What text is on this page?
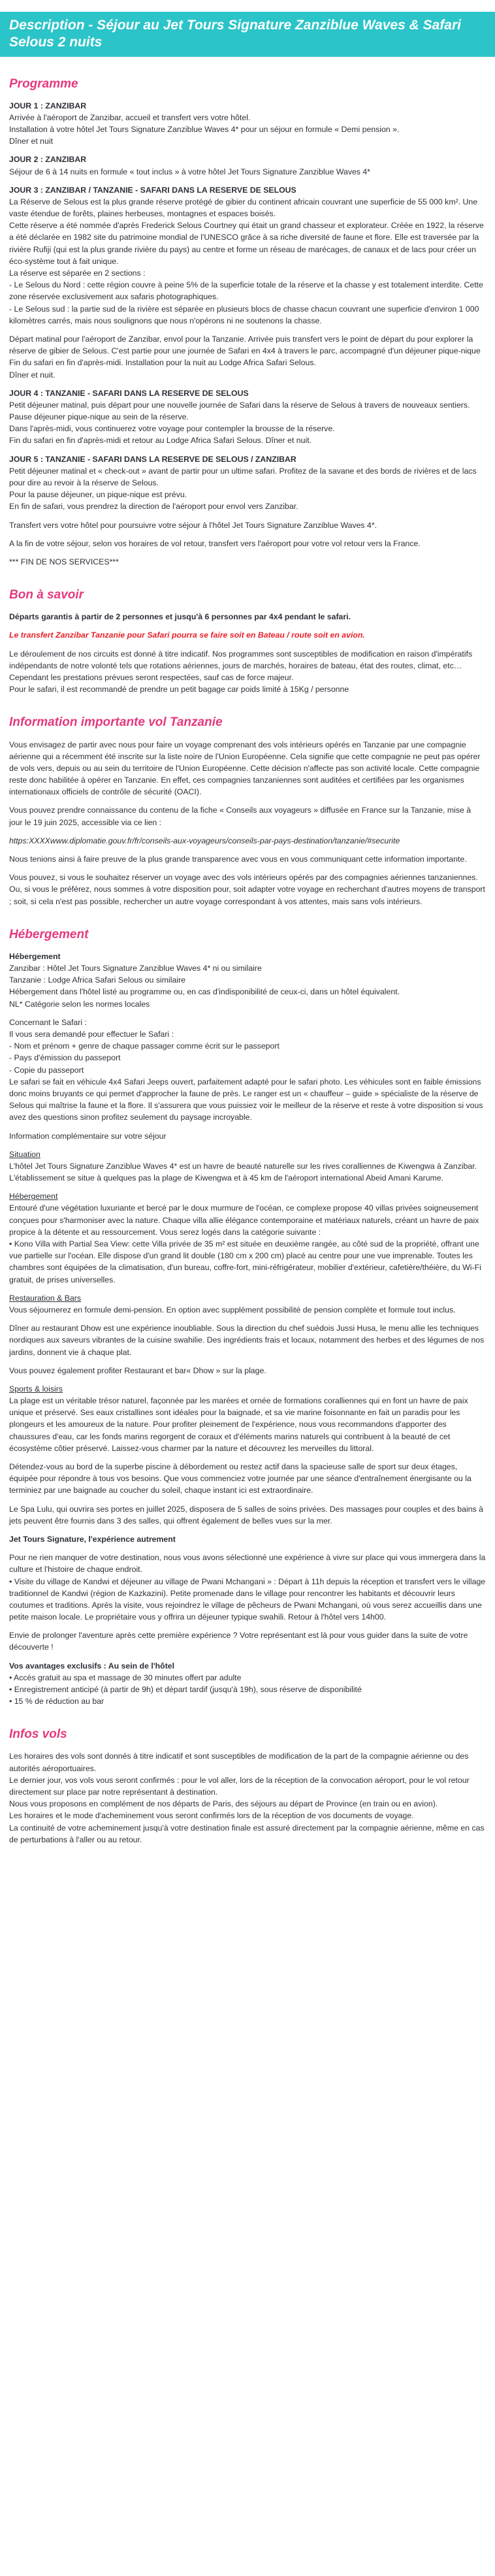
Description - Séjour au Jet Tours Signature Zanziblue Waves & Safari Selous 2 nuits
Programme
JOUR 1 : ZANZIBAR
Arrivée à l'aéroport de Zanzibar, accueil et transfert vers votre hôtel.
Installation à votre hôtel Jet Tours Signature Zanziblue Waves 4* pour un séjour en formule « Demi pension ».
Dîner et nuit
JOUR 2 : ZANZIBAR
Séjour de 6 à 14 nuits en formule « tout inclus » à votre hôtel Jet Tours Signature Zanziblue Waves 4*
JOUR 3 : ZANZIBAR / TANZANIE - SAFARI DANS LA RESERVE DE SELOUS
La Réserve de Selous est la plus grande réserve protégé de gibier du continent africain couvrant une superficie de 55 000 km². Une vaste étendue de forêts, plaines herbeuses, montagnes et espaces boisés.
Cette réserve a été nommée d'après Frederick Selous Courtney qui était un grand chasseur et explorateur. Créée en 1922, la réserve a été déclarée en 1982 site du patrimoine mondial de l'UNESCO grâce à sa riche diversité de faune et flore. Elle est traversée par la rivière Rufiji (qui est la plus grande rivière du pays) au centre et forme un réseau de marécages, de canaux et de lacs pour créer un éco-système tout à fait unique.
La réserve est séparée en 2 sections :
- Le Selous du Nord : cette région couvre à peine 5% de la superficie totale de la réserve et la chasse y est totalement interdite. Cette zone réservée exclusivement aux safaris photographiques.
- Le Selous sud : la partie sud de la rivière est séparée en plusieurs blocs de chasse chacun couvrant une superficie d'environ 1 000 kilomètres carrés, mais nous soulignons que nous n'opérons ni ne soutenons la chasse.
Départ matinal pour l'aéroport de Zanzibar, envol pour la Tanzanie. Arrivée puis transfert vers le point de départ du pour explorer la réserve de gibier de Selous. C'est partie pour une journée de Safari en 4x4 à travers le parc, accompagné d'un déjeuner pique-nique
Fin du safari en fin d'après-midi. Installation pour la nuit au Lodge Africa Safari Selous.
Dîner et nuit.
JOUR 4 : TANZANIE - SAFARI DANS LA RESERVE DE SELOUS
Petit déjeuner matinal, puis départ pour une nouvelle journée de Safari dans la réserve de Selous à travers de nouveaux sentiers. Pause déjeuner pique-nique au sein de la réserve.
Dans l'après-midi, vous continuerez votre voyage pour contempler la brousse de la réserve.
Fin du safari en fin d'après-midi et retour au Lodge Africa Safari Selous. Dîner et nuit.
JOUR 5 : TANZANIE - SAFARI DANS LA RESERVE DE SELOUS / ZANZIBAR
Petit déjeuner matinal et « check-out » avant de partir pour un ultime safari. Profitez de la savane et des bords de rivières et de lacs pour dire au revoir à la réserve de Selous.
Pour la pause déjeuner, un pique-nique est prévu.
En fin de safari, vous prendrez la direction de l'aéroport pour envol vers Zanzibar.
Transfert vers votre hôtel pour poursuivre votre séjour à l'hôtel Jet Tours Signature Zanziblue Waves 4*.
A la fin de votre séjour, selon vos horaires de vol retour, transfert vers l'aéroport pour votre vol retour vers la France.
*** FIN DE NOS SERVICES***
Bon à savoir
Départs garantis à partir de 2 personnes et jusqu'à 6 personnes par 4x4 pendant le safari.
Le transfert Zanzibar Tanzanie pour Safari pourra se faire soit en Bateau / route soit en avion.
Le déroulement de nos circuits est donné à titre indicatif. Nos programmes sont susceptibles de modification en raison d'impératifs indépendants de notre volonté tels que rotations aériennes, jours de marchés, horaires de bateau, état des routes, climat, etc… Cependant les prestations prévues seront respectées, sauf cas de force majeur.
Pour le safari, il est recommandé de prendre un petit bagage car poids limité à 15Kg / personne
Information importante vol Tanzanie
Vous envisagez de partir avec nous pour faire un voyage comprenant des vols intérieurs opérés en Tanzanie par une compagnie aérienne qui a récemment été inscrite sur la liste noire de l'Union Européenne. Cela signifie que cette compagnie ne peut pas opérer de vols vers, depuis ou au sein du territoire de l'Union Européenne. Cette décision n'affecte pas son activité locale. Cette compagnie reste donc habilitée à opérer en Tanzanie. En effet, ces compagnies tanzaniennes sont auditées et certifiées par les organismes internationaux officiels de contrôle de sécurité (OACI).
Vous pouvez prendre connaissance du contenu de la fiche « Conseils aux voyageurs » diffusée en France sur la Tanzanie, mise à jour le 19 juin 2025, accessible via ce lien :
https:XXXXwww.diplomatie.gouv.fr/fr/conseils-aux-voyageurs/conseils-par-pays-destination/tanzanie/#securite
Nous tenions ainsi à faire preuve de la plus grande transparence avec vous en vous communiquant cette information importante.
Vous pouvez, si vous le souhaitez réserver un voyage avec des vols intérieurs opérés par des compagnies aériennes tanzaniennes. Ou, si vous le préférez, nous sommes à votre disposition pour, soit adapter votre voyage en recherchant d'autres moyens de transport ; soit, si cela n'est pas possible, rechercher un autre voyage correspondant à vos attentes, mais sans vols intérieurs.
Hébergement
Hébergement
Zanzibar : Hôtel Jet Tours Signature Zanziblue Waves 4* ni ou similaire
Tanzanie : Lodge Africa Safari Selous ou similaire
Hébergement dans l'hôtel listé au programme ou, en cas d'indisponibilité de ceux-ci, dans un hôtel équivalent.
NL* Catégorie selon les normes locales
Concernant le Safari :
Il vous sera demandé pour effectuer le Safari :
- Nom et prénom + genre de chaque passager comme écrit sur le passeport
- Pays d'émission du passeport
- Copie du passeport
Le safari se fait en véhicule 4x4 Safari Jeeps ouvert, parfaitement adapté pour le safari photo. Les véhicules sont en faible émissions donc moins bruyants ce qui permet d'approcher la faune de près. Le ranger est un « chauffeur – guide » spécialiste de la réserve de Selous qui maîtrise la faune et la flore. Il s'assurera que vous puissiez voir le meilleur de la réserve et reste à votre disposition si vous avez des questions sinon profitez seulement du paysage incroyable.
Information complémentaire sur votre séjour
Situation
L'hôtel Jet Tours Signature Zanziblue Waves 4* est un havre de beauté naturelle sur les rives coralliennes de Kiwengwa à Zanzibar. L'établissement se situe à quelques pas la plage de Kiwengwa et à 45 km de l'aéroport international Abeid Amani Karume.
Hébergement
Entouré d'une végétation luxuriante et bercé par le doux murmure de l'océan, ce complexe propose 40 villas privées soigneusement conçues pour s'harmoniser avec la nature. Chaque villa allie élégance contemporaine et matériaux naturels, créant un havre de paix propice à la détente et au ressourcement. Vous serez logés dans la catégorie suivante :
• Kono Villa with Partial Sea View: cette Villa privée de 35 m² est située en deuxième rangée, au côté sud de la propriété, offrant une vue partielle sur l'océan. Elle dispose d'un grand lit double (180 cm x 200 cm) placé au centre pour une vue imprenable. Toutes les chambres sont équipées de la climatisation, d'un bureau, coffre-fort, mini-réfrigérateur, mobilier d'extérieur, cafetière/théière, du Wi-Fi gratuit, de prises universelles.
Restauration & Bars
Vous séjournerez en formule demi-pension. En option avec supplément possibilité de pension complète et formule tout inclus.
Dîner au restaurant Dhow est une expérience inoubliable. Sous la direction du chef suédois Jussi Husa, le menu allie les techniques nordiques aux saveurs vibrantes de la cuisine swahilie. Des ingrédients frais et locaux, notamment des herbes et des légumes de nos jardins, donnent vie à chaque plat.
Vous pouvez également profiter Restaurant et bar« Dhow » sur la plage.
Sports & loisirs
La plage est un véritable trésor naturel, façonnée par les marées et ornée de formations coralliennes qui en font un havre de paix unique et préservé. Ses eaux cristallines sont idéales pour la baignade, et sa vie marine foisonnante en fait un paradis pour les plongeurs et les amoureux de la nature. Pour profiter pleinement de l'expérience, nous vous recommandons d'apporter des chaussures d'eau, car les fonds marins regorgent de coraux et d'éléments marins naturels qui contribuent à la beauté de cet écosystème côtier préservé. Laissez-vous charmer par la nature et découvrez les merveilles du littoral.
Détendez-vous au bord de la superbe piscine à débordement ou restez actif dans la spacieuse salle de sport sur deux étages, équipée pour répondre à tous vos besoins. Que vous commenciez votre journée par une séance d'entraînement énergisante ou la terminiez par une baignade au coucher du soleil, chaque instant ici est extraordinaire.
Le Spa Lulu, qui ouvrira ses portes en juillet 2025, disposera de 5 salles de soins privées. Des massages pour couples et des bains à jets peuvent être fournis dans 3 des salles, qui offrent également de belles vues sur la mer.
Jet Tours Signature, l'expérience autrement
Pour ne rien manquer de votre destination, nous vous avons sélectionné une expérience à vivre sur place qui vous immergera dans la culture et l'histoire de chaque endroit.
• Visite du village de Kandwi et déjeuner au village de Pwani Mchangani » : Départ à 11h depuis la réception et transfert vers le village traditionnel de Kandwi (région de Kazkazini). Petite promenade dans le village pour rencontrer les habitants et découvrir leurs coutumes et traditions. Après la visite, vous rejoindrez le village de pêcheurs de Pwani Mchangani, où vous serez accueillis dans une petite maison locale. Le propriétaire vous y offrira un déjeuner typique swahili. Retour à l'hôtel vers 14h00.
Envie de prolonger l'aventure après cette première expérience ? Votre représentant est là pour vous guider dans la suite de votre découverte !
Vos avantages exclusifs : Au sein de l'hôtel
• Accès gratuit au spa et massage de 30 minutes offert par adulte
• Enregistrement anticipé (à partir de 9h) et départ tardif (jusqu'à 19h), sous réserve de disponibilité
• 15 % de réduction au bar
Infos vols
Les horaires des vols sont donnés à titre indicatif et sont susceptibles de modification de la part de la compagnie aérienne ou des autorités aéroportuaires.
Le dernier jour, vos vols vous seront confirmés : pour le vol aller, lors de la réception de la convocation aéroport, pour le vol retour directement sur place par notre représentant à destination.
Nous vous proposons en complément de nos départs de Paris, des séjours au départ de Province (en train ou en avion).
Les horaires et le mode d'acheminement vous seront confirmés lors de la réception de vos documents de voyage.
La continuité de votre acheminement jusqu'à votre destination finale est assuré directement par la compagnie aérienne, même en cas de perturbations à l'aller ou au retour.
